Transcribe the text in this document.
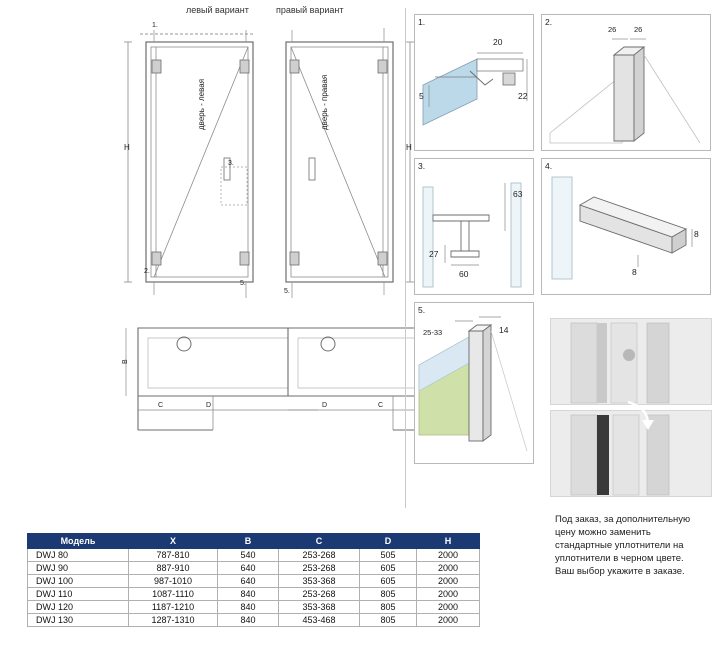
левый вариант	правый вариант
H
1.
3.
2.
5.
дверь - левая
H
дверь - правая
5.
C	D
B
D	C
1.
20
22
5
2.
26 26
3.
63
27
60
4.
8
8
5.
25-33	14
Под заказ, за дополнительную цену можно заменить стандартные уплотнители на уплотнители в черном цвете. Ваш выбор укажите в заказе.
Модель	X	B	C	D	H
DWJ 80	787-810	540	253-268	505	2000
DWJ 90	887-910	640	253-268	605	2000
DWJ 100	987-1010	640	353-368	605	2000
DWJ 110	1087-1110	840	253-268	805	2000
DWJ 120	1187-1210	840	353-368	805	2000
DWJ 130	1287-1310	840	453-468	805	2000
